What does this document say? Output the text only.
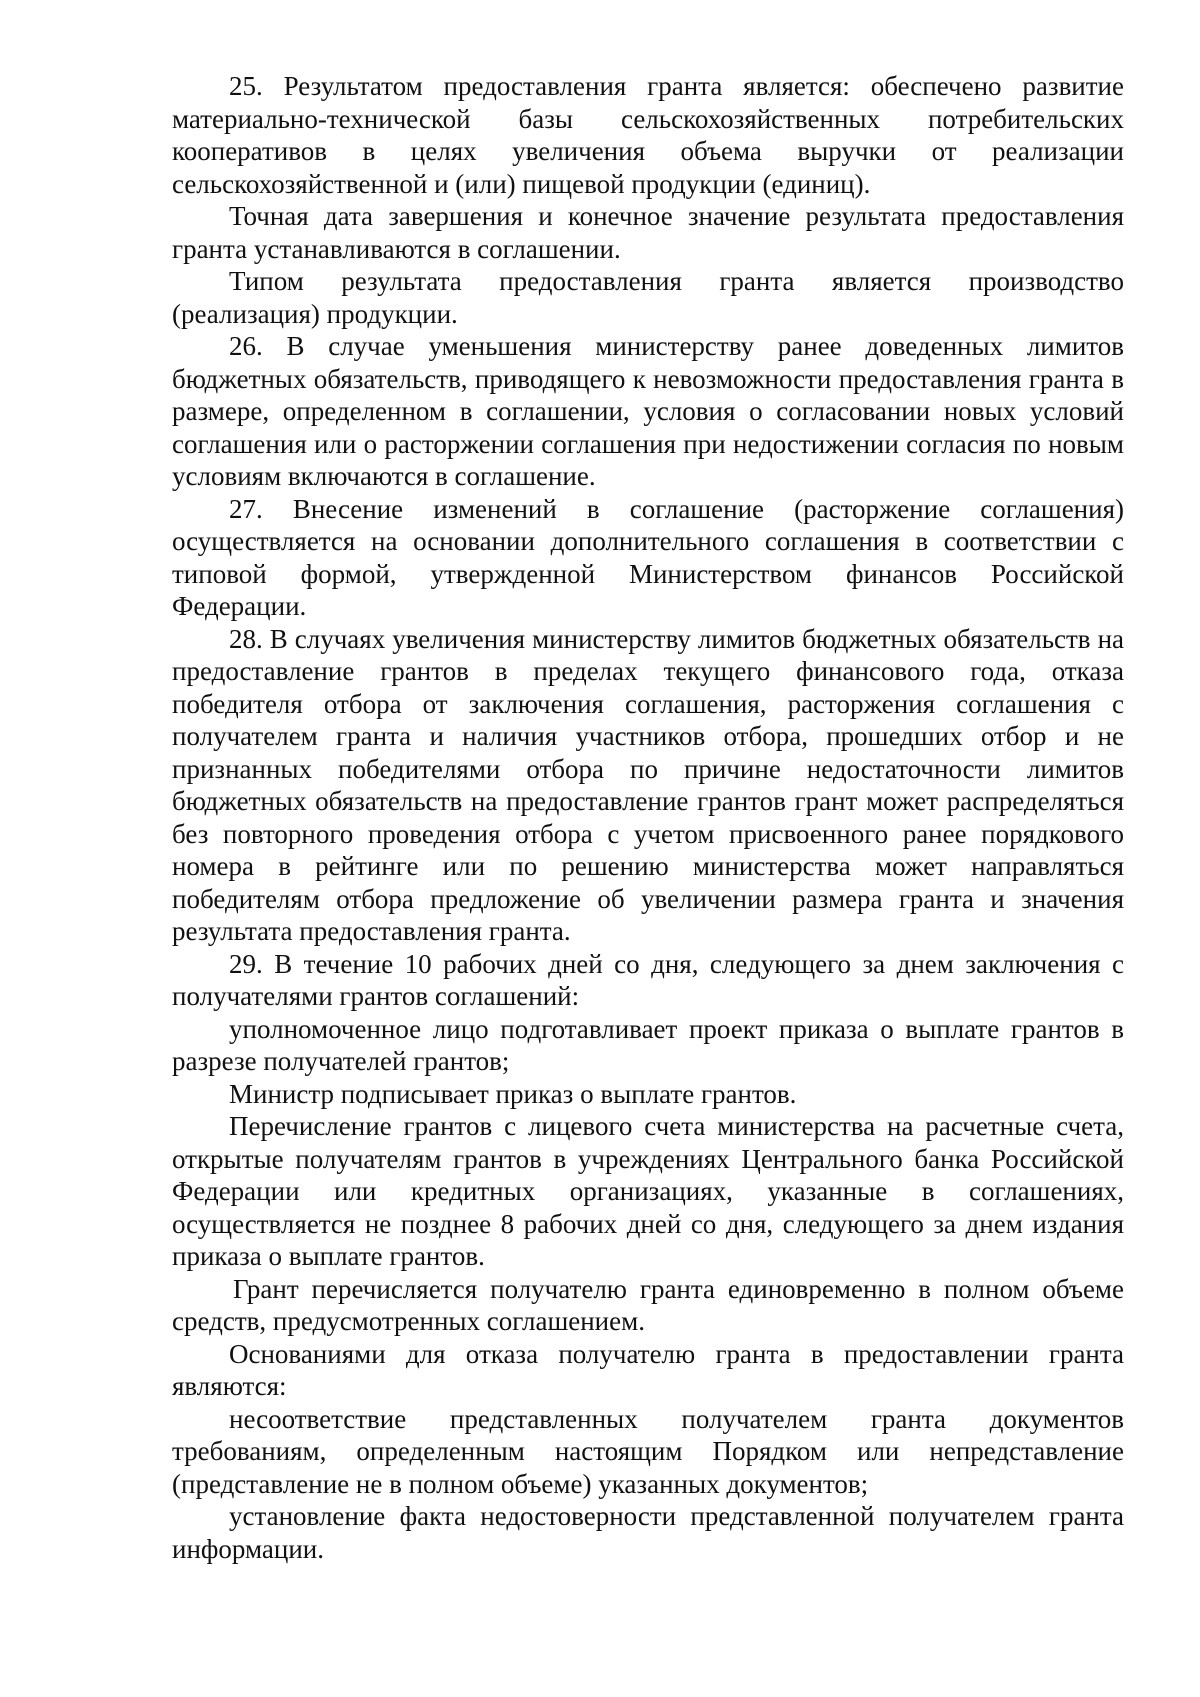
25. Результатом предоставления гранта является: обеспечено развитие материально-технической базы сельскохозяйственных потребительских кооперативов в целях увеличения объема выручки от реализации сельскохозяйственной и (или) пищевой продукции (единиц).

Точная дата завершения и конечное значение результата предоставления гранта устанавливаются в соглашении.

Типом результата предоставления гранта является производство (реализация) продукции.

26. В случае уменьшения министерству ранее доведенных лимитов бюджетных обязательств, приводящего к невозможности предоставления гранта в размере, определенном в соглашении, условия о согласовании новых условий соглашения или о расторжении соглашения при недостижении согласия по новым условиям включаются в соглашение.

27. Внесение изменений в соглашение (расторжение соглашения) осуществляется на основании дополнительного соглашения в соответствии с типовой формой, утвержденной Министерством финансов Российской Федерации.

28. В случаях увеличения министерству лимитов бюджетных обязательств на предоставление грантов в пределах текущего финансового года, отказа победителя отбора от заключения соглашения, расторжения соглашения с получателем гранта и наличия участников отбора, прошедших отбор и не признанных победителями отбора по причине недостаточности лимитов бюджетных обязательств на предоставление грантов грант может распределяться без повторного проведения отбора с учетом присвоенного ранее порядкового номера в рейтинге или по решению министерства может направляться победителям отбора предложение об увеличении размера гранта и значения результата предоставления гранта.

29. В течение 10 рабочих дней со дня, следующего за днем заключения с получателями грантов соглашений:

уполномоченное лицо подготавливает проект приказа о выплате грантов в разрезе получателей грантов;

Министр подписывает приказ о выплате грантов.

Перечисление грантов с лицевого счета министерства на расчетные счета, открытые получателям грантов в учреждениях Центрального банка Российской Федерации или кредитных организациях, указанные в соглашениях, осуществляется не позднее 8 рабочих дней со дня, следующего за днем издания приказа о выплате грантов.

Грант перечисляется получателю гранта единовременно в полном объеме средств, предусмотренных соглашением.

Основаниями для отказа получателю гранта в предоставлении гранта являются:

несоответствие представленных получателем гранта документов требованиям, определенным настоящим Порядком или непредставление (представление не в полном объеме) указанных документов;

установление факта недостоверности представленной получателем гранта информации.
